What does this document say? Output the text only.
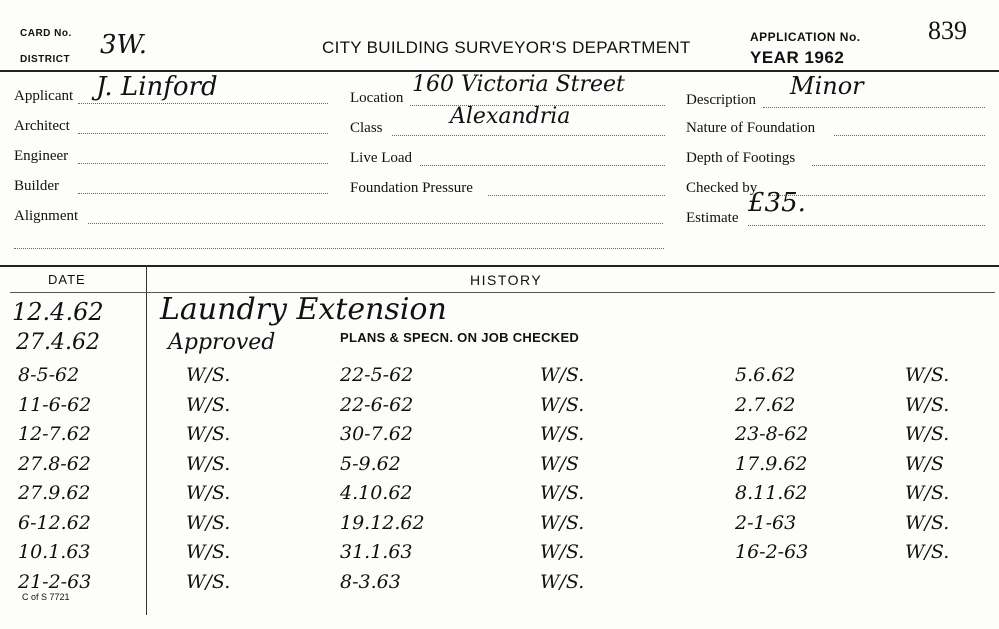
CARD No.
DISTRICT 3W.	CITY BUILDING SURVEYOR'S DEPARTMENT
APPLICATION No.	839
YEAR 1962
Applicant J. Linford
Architect
Engineer
Builder
Alignment
Location
160 Victoria Street
Alexandria
Class
Live Load
Foundation Pressure
Description Minor
Nature of Foundation
Depth of Footings
Checked by
Estimate £35.
DATE	HISTORY
12.4.62 Laundry Extension
27.4.62	Approved	PLANS & SPECN. ON JOB CHECKED
8-5-62	W/S.	22-5-62	W/S.	5.6.62	W/S.
11-6-62	W/S.	22-6-62	W/S.	2.7.62	W/S.
12-7.62	W/S.	30-7.62	W/S.	23-8-62	W/S.
27.8-62	W/S.	5-9.62	W/S	17.9.62	W/S
27.9.62	W/S.	4.10.62	W/S.	8.11.62	W/S.
6-12.62	W/S.	19.12.62	W/S.	2-1-63	W/S.
10.1.63	W/S.	31.1.63	W/S.	16-2-63	W/S.
21-2-63	W/S.	8-3.63	W/S.
C of S 7721
